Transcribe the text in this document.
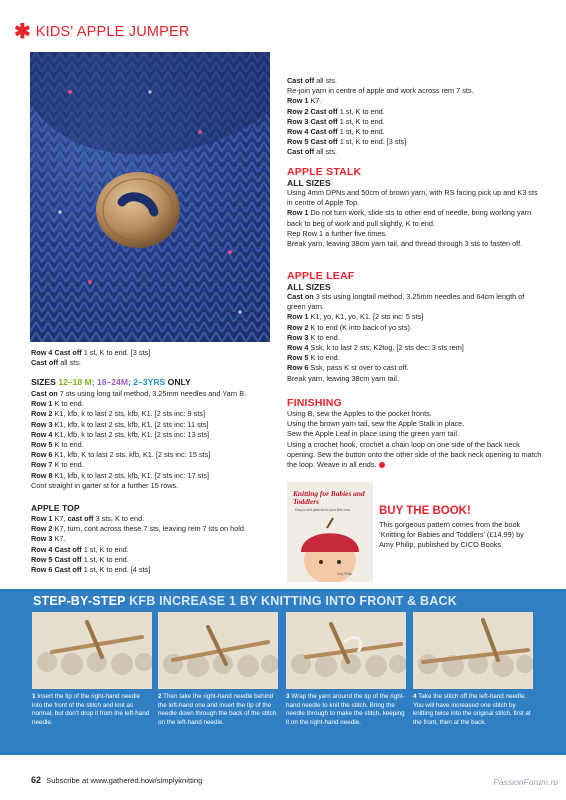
✱ KIDS' APPLE JUMPER
Row 4 Cast off 1 st, K to end. [3 sts]
Cast off all sts.
SIZES 12–18 M; 18–24M; 2–3YRS ONLY
Cast on 7 sts using long tail method, 3.25mm needles and Yarn B.
Row 1 K to end.
Row 2 K1, kfb, k to last 2 sts, kfb, K1. [2 sts inc: 9 sts]
Row 3 K1, kfb, k to last 2 sts, kfb, K1. [2 sts inc: 11 sts]
Row 4 K1, kfb, k to last 2 sts, kfb, K1. [2 sts inc: 13 sts]
Row 5 K to end.
Row 6 K1, kfb, K to last 2 sts, kfb, K1. [2 sts inc: 15 sts]
Row 7 K to end.
Row 8 K1, kfb, k to last 2 sts, kfb, K1. [2 sts inc: 17 sts]
Cont straight in garter st for a further 15 rows.
APPLE TOP
Row 1 K7, cast off 3 sts, K to end.
Row 2 K7, turn, cont across these 7 sts, leaving rem 7 sts on hold.
Row 3 K7.
Row 4 Cast off 1 st, K to end.
Row 5 Cast off 1 st, K to end.
Row 6 Cast off 1 st, K to end. [4 sts]
Cast off all sts.
Re-join yarn in centre of apple and work across rem 7 sts.
Row 1 K7.
Row 2 Cast off 1 st, K to end.
Row 3 Cast off 1 st, K to end.
Row 4 Cast off 1 st, K to end.
Row 5 Cast off 1 st, K to end. [3 sts]
Cast off all sts.
APPLE STALK
ALL SIZES
Using 4mm DPNs and 50cm of brown yarn, with RS facing pick up and K3 sts in centre of Apple Top.
Row 1 Do not turn work, slide sts to other end of needle, bring working yarn back to beg of work and pull slightly, K to end.
Rep Row 1 a further five times.
Break yarn, leaving 38cm yarn tail, and thread through 3 sts to fasten off.
APPLE LEAF
ALL SIZES
Cast on 3 sts using longtail method, 3.25mm needles and 64cm length of green yarn.
Row 1 K1, yo, K1, yo, K1. [2 sts inc: 5 sts]
Row 2 K to end (K into back of yo sts).
Row 3 K to end.
Row 4 Ssk, k to last 2 sts, K2tog. [2 sts dec: 3 sts rem]
Row 5 K to end.
Row 6 Ssk, pass K st over to cast off.
Break yarn, leaving 38cm yarn tail.
FINISHING
Using B, sew the Apples to the pocket fronts.
Using the brown yarn tail, sew the Apple Stalk in place.
Sew the Apple Leaf in place using the green yarn tail.
Using a crochet hook, crochet a chain loop on one side of the back neck opening. Sew the button onto the other side of the back neck opening to match the loop. Weave in all ends.
Knitting for Babies and Toddlers
Easy-to-knit patterns for your little ones
Amy Philip
BUY THE BOOK!
This gorgeous pattern comes from the book ‘Knitting for Babies and Toddlers’ (£14.99) by Amy Philip, published by CICO Books.
STEP-BY-STEP KFB INCREASE 1 BY KNITTING INTO FRONT & BACK
1 Insert the tip of the right-hand needle into the front of the stitch and knit as normal, but don’t drop it from the left-hand needle.
2 Then take the right-hand needle behind the left-hand one and insert the tip of the needle down through the back of the stitch on the left-hand needle.
3 Wrap the yarn around the tip of the right-hand needle to knit the stitch. Bring the needle through to make the stitch, keeping it on the right-hand needle.
4 Take the stitch off the left-hand needle. You will have increased one stitch by knitting twice into the original stitch, first at the front, then at the back.
62 Subscribe at www.gathered.how/simplyknitting	PassionForum.ru
